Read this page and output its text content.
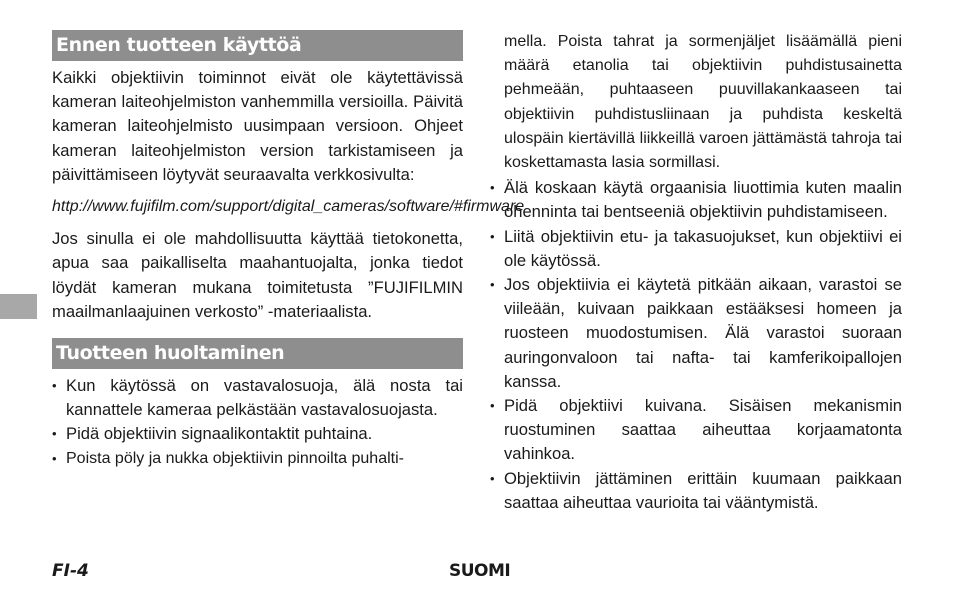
Ennen tuotteen käyttöä

Kaikki objektiivin toiminnot eivät ole käytettävissä kameran laiteohjelmiston vanhemmilla versioilla. Päivitä kameran laiteohjelmisto uusimpaan versioon. Ohjeet kameran laiteohjelmiston version tarkistamiseen ja päivittämiseen löytyvät seuraavalta verkkosivulta:

http://www.fujifilm.com/support/digital_cameras/software/#firmware

Jos sinulla ei ole mahdollisuutta käyttää tietokonetta, apua saa paikalliselta maahantuojalta, jonka tiedot löydät kameran mukana toimitetusta ”FUJIFILMIN maailmanlaajuinen verkosto” -materiaalista.

Tuotteen huoltaminen
• Kun käytössä on vastavalosuoja, älä nosta tai kannattele kameraa pelkästään vastavalosuojasta.
• Pidä objektiivin signaalikontaktit puhtaina.
• Poista pöly ja nukka objektiivin pinnoilta puhalti-

mella. Poista tahrat ja sormenjäljet lisäämällä pieni määrä etanolia tai objektiivin puhdistusainetta pehmeään, puhtaaseen puuvillakankaaseen tai objektiivin puhdistusliinaan ja puhdista keskeltä ulospäin kiertävillä liikkeillä varoen jättämästä tahroja tai koskettamasta lasia sormillasi.

• Älä koskaan käytä orgaanisia liuottimia kuten maalin ohenninta tai bentseeniä objektiivin puhdistamiseen.
• Liitä objektiivin etu- ja takasuojukset, kun objektiivi ei ole käytössä.
• Jos objektiivia ei käytetä pitkään aikaan, varastoi se viileään, kuivaan paikkaan estääksesi homeen ja ruosteen muodostumisen. Älä varastoi suoraan auringonvaloon tai nafta- tai kamferikoipallojen kanssa.
• Pidä objektiivi kuivana. Sisäisen mekanismin ruostuminen saattaa aiheuttaa korjaamatonta vahinkoa.
• Objektiivin jättäminen erittäin kuumaan paikkaan saattaa aiheuttaa vaurioita tai vääntymistä.
FI-4	SUOMI
